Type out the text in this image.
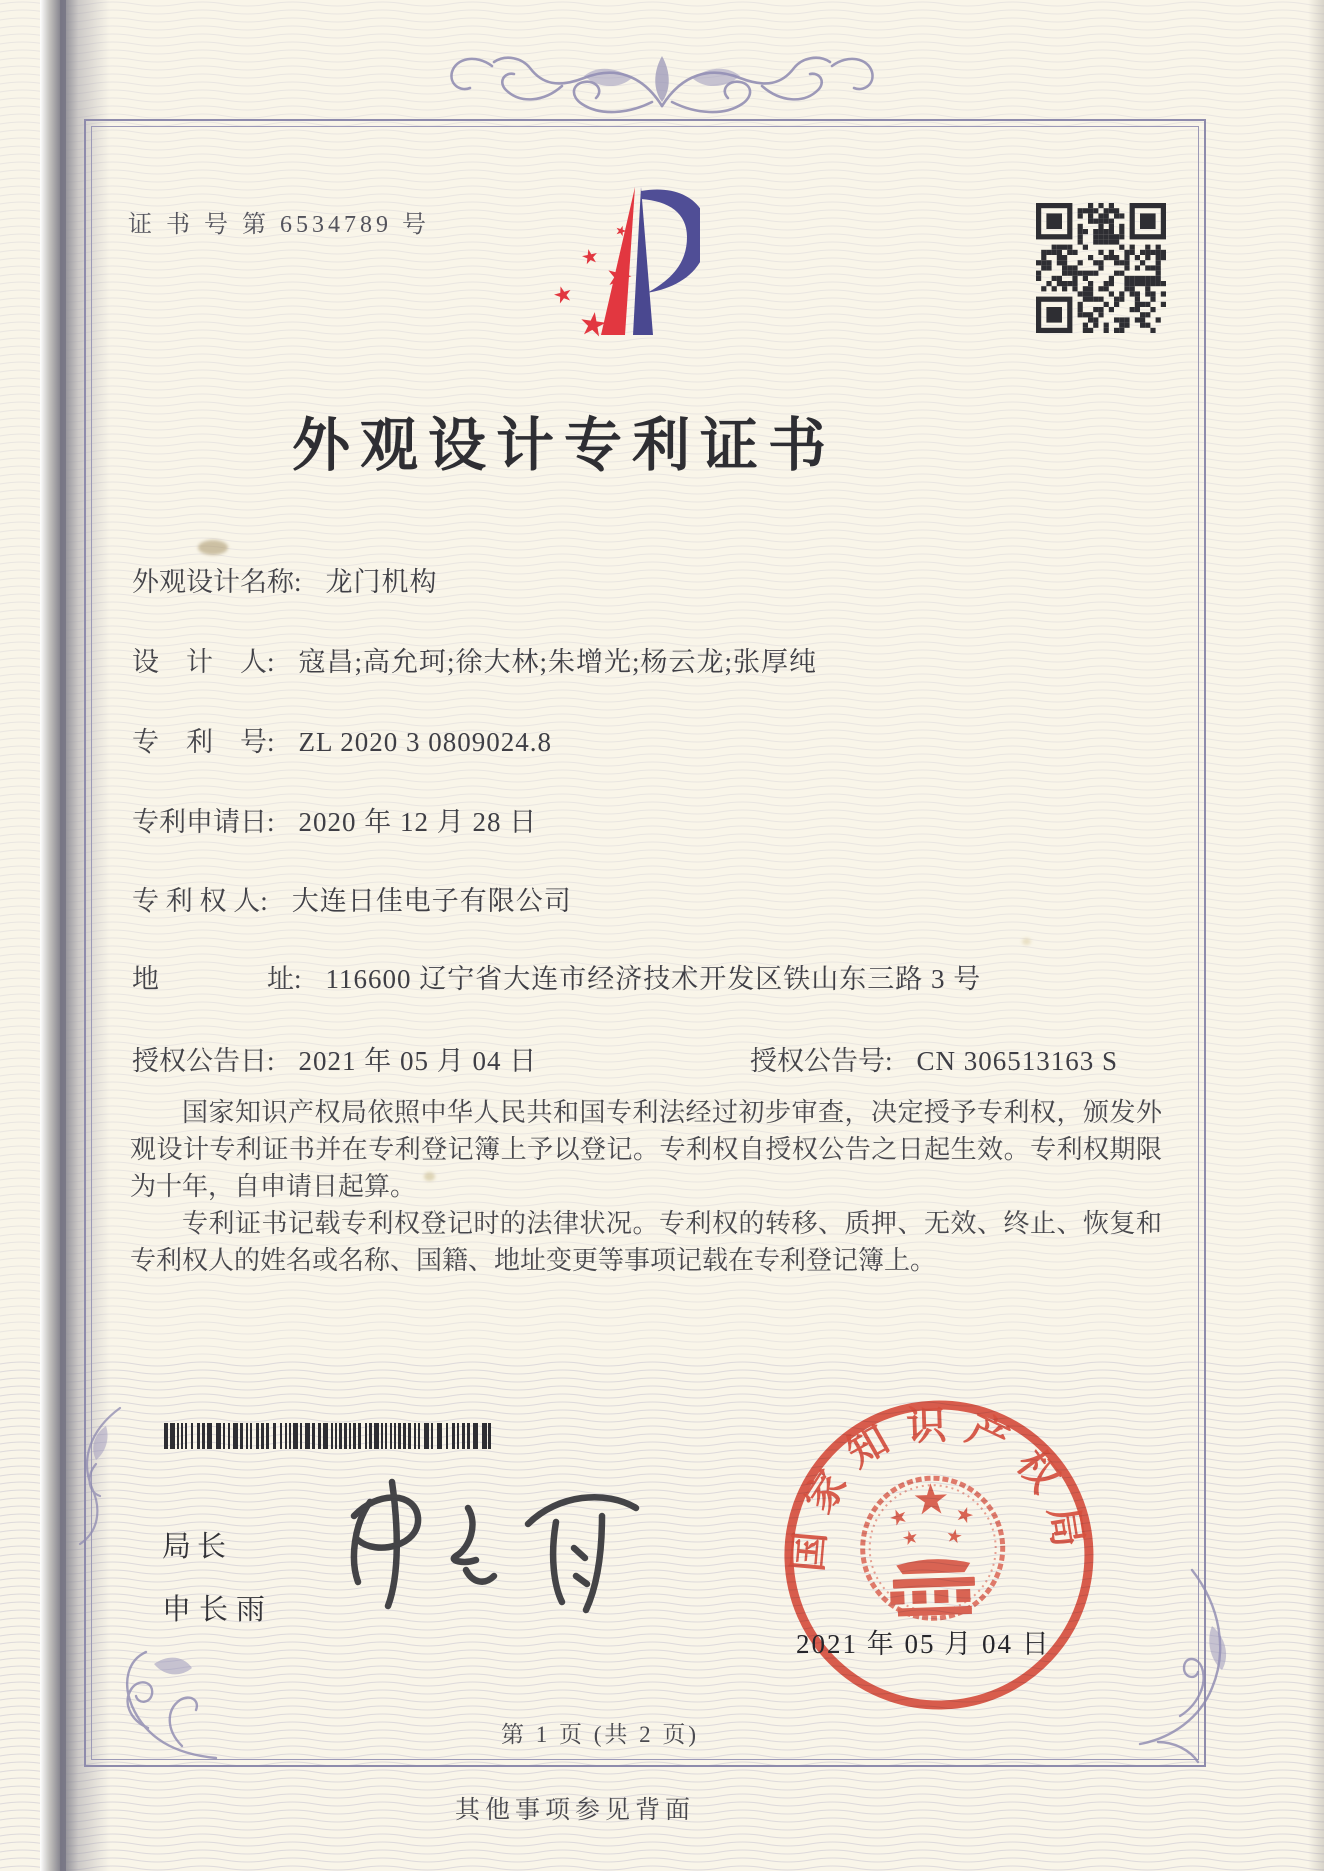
证 书 号 第 6534789 号
外观设计专利证书
外观设计名称: 龙门机构
设　计　人: 寇昌;高允珂;徐大林;朱增光;杨云龙;张厚纯
专　利　号: ZL 2020 3 0809024.8
专利申请日: 2020 年 12 月 28 日
专 利 权 人: 大连日佳电子有限公司
地　　　　址: 116600 辽宁省大连市经济技术开发区铁山东三路 3 号
授权公告日: 2021 年 05 月 04 日	授权公告号: CN 306513163 S

国家知识产权局依照中华人民共和国专利法经过初步审查，决定授予专利权，颁发外观设计专利证书并在专利登记簿上予以登记。专利权自授权公告之日起生效。专利权期限为十年，自申请日起算。

专利证书记载专利权登记时的法律状况。专利权的转移、质押、无效、终止、恢复和专利权人的姓名或名称、国籍、地址变更等事项记载在专利登记簿上。

局长
申长雨
国家知识产权局
2021 年 05 月 04 日
第 1 页 (共 2 页)
其他事项参见背面
